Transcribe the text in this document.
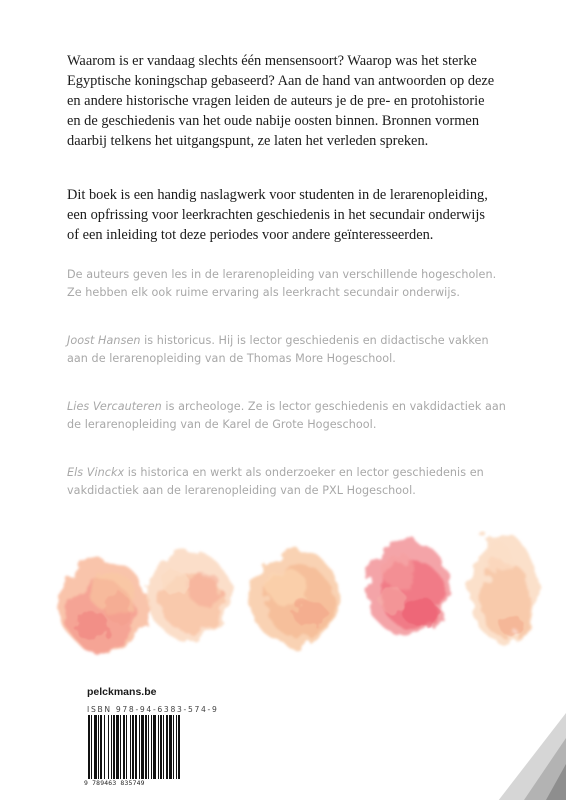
Waarom is er vandaag slechts één mensensoort? Waarop was het sterke Egyptische koningschap gebaseerd? Aan de hand van antwoorden op deze en andere historische vragen leiden de auteurs je de pre- en protohistorie en de geschiedenis van het oude nabije oosten binnen. Bronnen vormen daarbij telkens het uitgangspunt, ze laten het verleden spreken.

Dit boek is een handig naslagwerk voor studenten in de lerarenopleiding, een opfrissing voor leerkrachten geschiedenis in het secundair onderwijs of een inleiding tot deze periodes voor andere geïnteresseerden.

De auteurs geven les in de lerarenopleiding van verschillende hogescholen. Ze hebben elk ook ruime ervaring als leerkracht secundair onderwijs.

Joost Hansen is historicus. Hij is lector geschiedenis en didactische vakken aan de lerarenopleiding van de Thomas More Hogeschool.

Lies Vercauteren is archeologe. Ze is lector geschiedenis en vakdidactiek aan de lerarenopleiding van de Karel de Grote Hogeschool.

Els Vinckx is historica en werkt als onderzoeker en lector geschiedenis en vakdidactiek aan de lerarenopleiding van de PXL Hogeschool.

pelckmans.be
ISBN 978-94-6383-574-9
9 789463 835749
